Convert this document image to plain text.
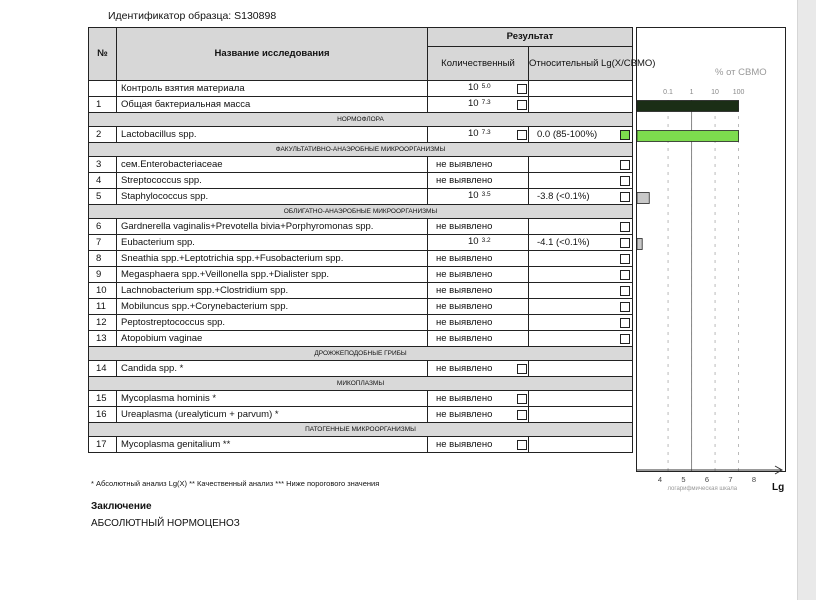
Идентификатор образца: S130898
№	Название исследования	Результат	
		Количественный	Относительный Lg(X/СВМО)
	Контроль взятия материала	10 $^{5.0}$

1	Общая бактериальная масса	10 $^{7.3}$

НОРМОФЛОРА			
2	Lactobacillus spp.	10 $^{7.3}$	0.0 (85-100%)

ФАКУЛЬТАТИВНО-АНАЭРОБНЫЕ МИКРООРГАНИЗМЫ			
3	сем.Enterobacteriaceae	не выявлено	

4	Streptococcus spp.	не выявлено	

5	Staphylococcus spp.	10 $^{3.5}$	-3.8 (<0.1%)

ОБЛИГАТНО-АНАЭРОБНЫЕ МИКРООРГАНИЗМЫ			
6	Gardnerella vaginalis+Prevotella bivia+Porphyromonas spp.	не выявлено	

7	Eubacterium spp.	10 $^{3.2}$	-4.1 (<0.1%)

8	Sneathia spp.+Leptotrichia spp.+Fusobacterium spp.	не выявлено	

9	Megasphaera spp.+Veillonella spp.+Dialister spp.	не выявлено	

10	Lachnobacterium spp.+Clostridium spp.	не выявлено	

11	Mobiluncus spp.+Corynebacterium spp.	не выявлено	

12	Peptostreptococcus spp.	не выявлено	

13	Atopobium vaginae	не выявлено	

ДРОЖЖЕПОДОБНЫЕ ГРИБЫ			
14	Candida spp. *	не выявлено

МИКОПЛАЗМЫ			
15	Mycoplasma hominis *	не выявлено

16	Ureaplasma (urealyticum + parvum) *	не выявлено

ПАТОГЕННЫЕ МИКРООРГАНИЗМЫ			
17	Mycoplasma genitalium **	не выявлено

% от СВМО
0.1 1	10 100
4	5	6	7	8
логарифмическая шкала	Lg
* Абсолютный анализ Lg(X) ** Качественный анализ *** Ниже порогового значения
Заключение
АБСОЛЮТНЫЙ НОРМОЦЕНОЗ
